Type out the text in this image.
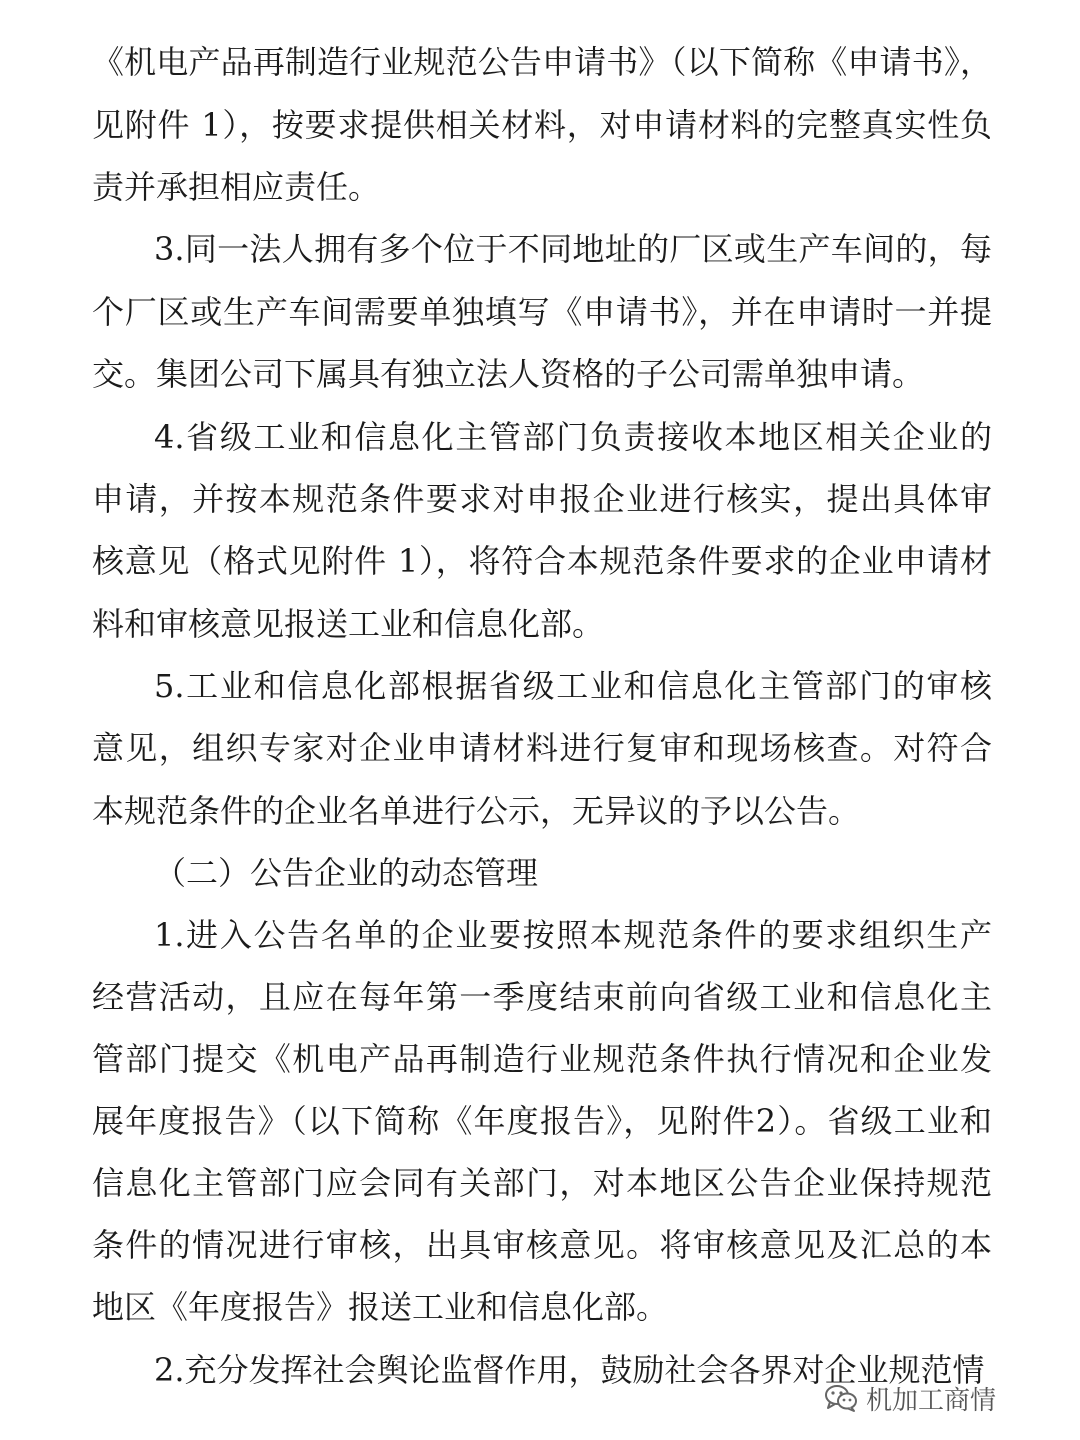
《机电产品再制造行业规范公告申请书》（以下简称《申请书》，
见附件 1），按要求提供相关材料，对申请材料的完整真实性负
责并承担相应责任。
3.同一法人拥有多个位于不同地址的厂区或生产车间的，每
个厂区或生产车间需要单独填写《申请书》，并在申请时一并提
交。集团公司下属具有独立法人资格的子公司需单独申请。
4.省级工业和信息化主管部门负责接收本地区相关企业的
申请，并按本规范条件要求对申报企业进行核实，提出具体审
核意见（格式见附件 1），将符合本规范条件要求的企业申请材
料和审核意见报送工业和信息化部。
5.工业和信息化部根据省级工业和信息化主管部门的审核
意见，组织专家对企业申请材料进行复审和现场核查。对符合
本规范条件的企业名单进行公示，无异议的予以公告。
（二）公告企业的动态管理
1.进入公告名单的企业要按照本规范条件的要求组织生产
经营活动，且应在每年第一季度结束前向省级工业和信息化主
管部门提交《机电产品再制造行业规范条件执行情况和企业发
展年度报告》（以下简称《年度报告》，见附件2）。省级工业和
信息化主管部门应会同有关部门，对本地区公告企业保持规范
条件的情况进行审核，出具审核意见。将审核意见及汇总的本
地区《年度报告》报送工业和信息化部。
2.充分发挥社会舆论监督作用，鼓励社会各界对企业规范情
机加工商情
